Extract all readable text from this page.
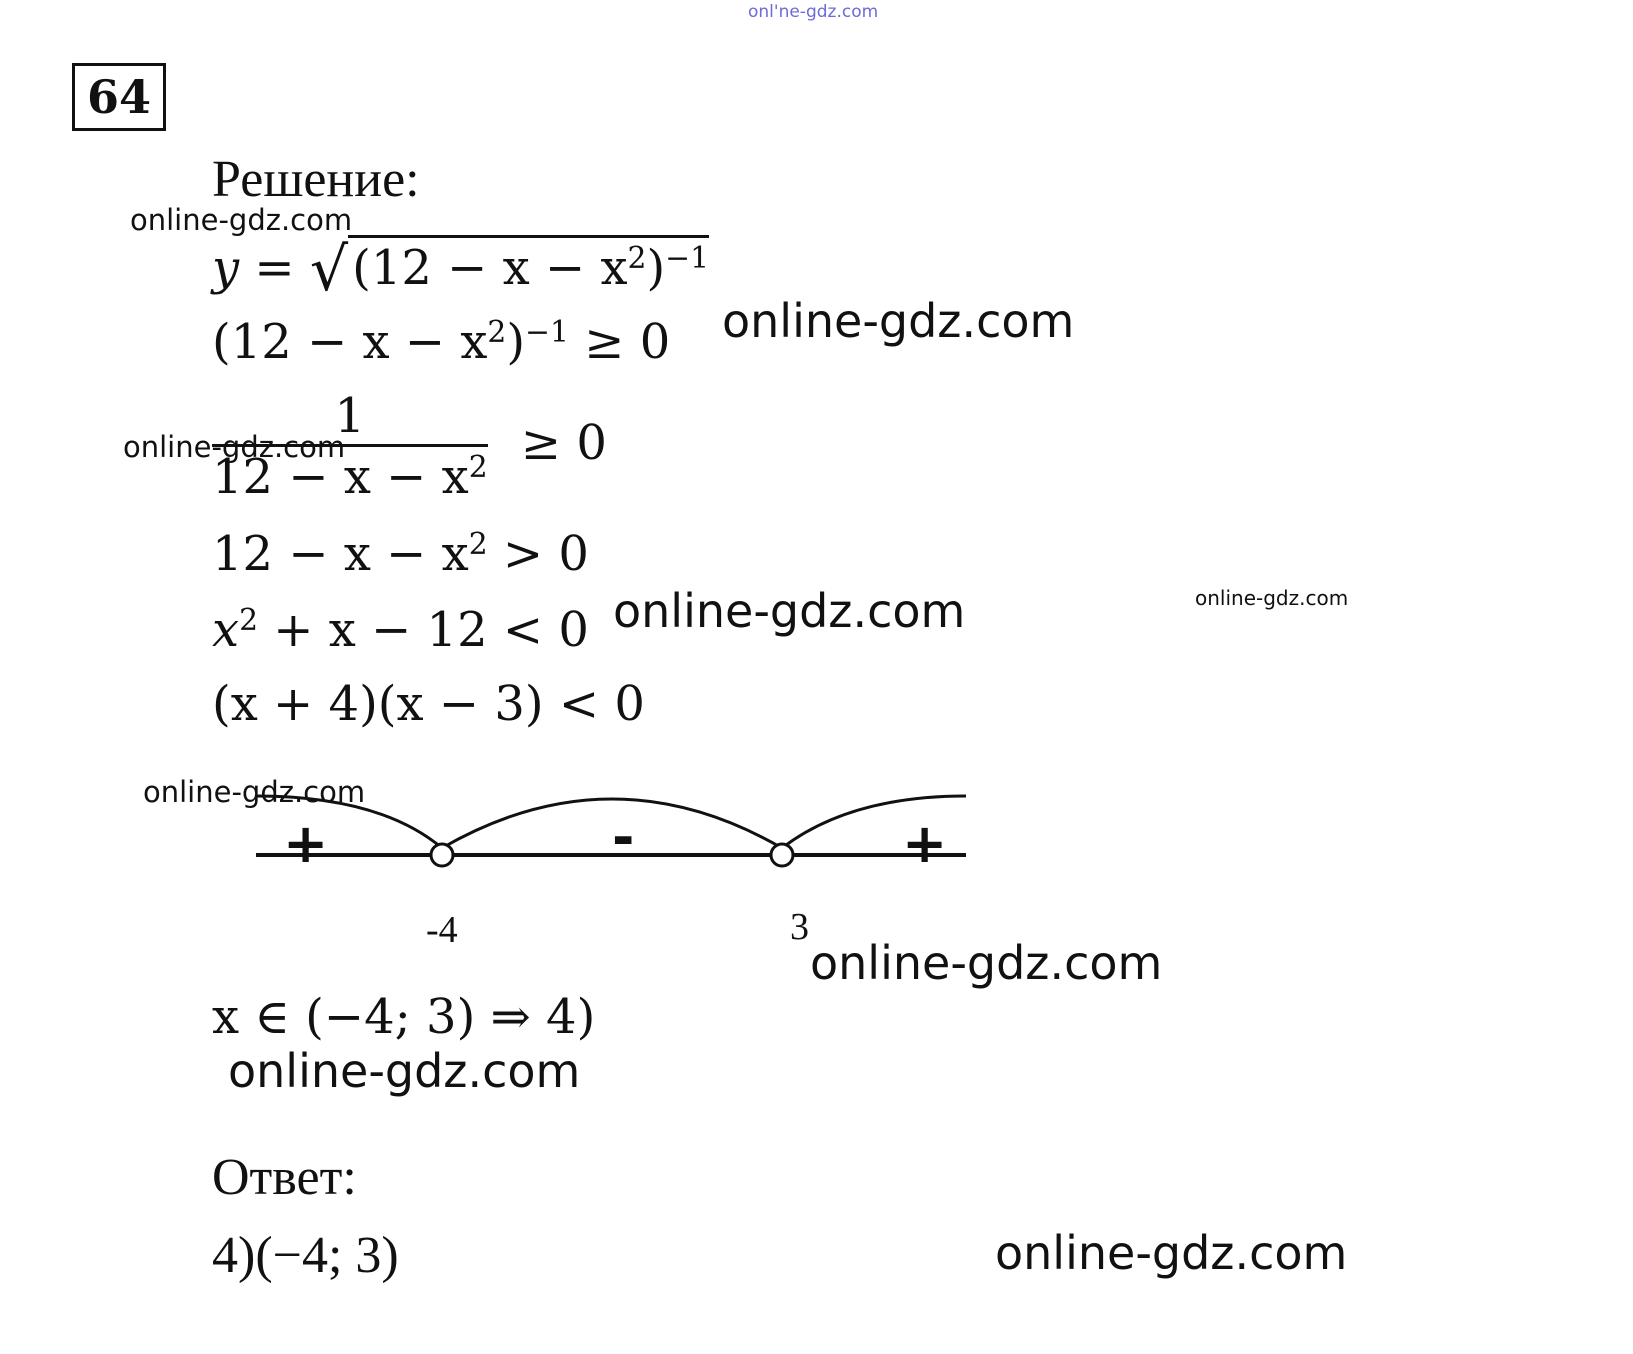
onl'ne-gdz.com
64
Решение:
$y = √(12 - x - x^2)^{-1}$
$(12 - x - x^2)^{-1} \ge 0$
$\frac{1}{12 - x - x^2} \ge 0$
$12 - x - x^2 > 0$
$x^2 + x - 12 < 0$
(x + 4)(x − 3) < 0
+	-	+
-4	3
x ∈ (−4; 3) ⇒ 4)
Ответ:
4)(−4; 3)
online-gdz.com
online-gdz.com
online-gdz.com
online-gdz.com	online-gdz.com
online-gdz.com
online-gdz.com
online-gdz.com
online-gdz.com
